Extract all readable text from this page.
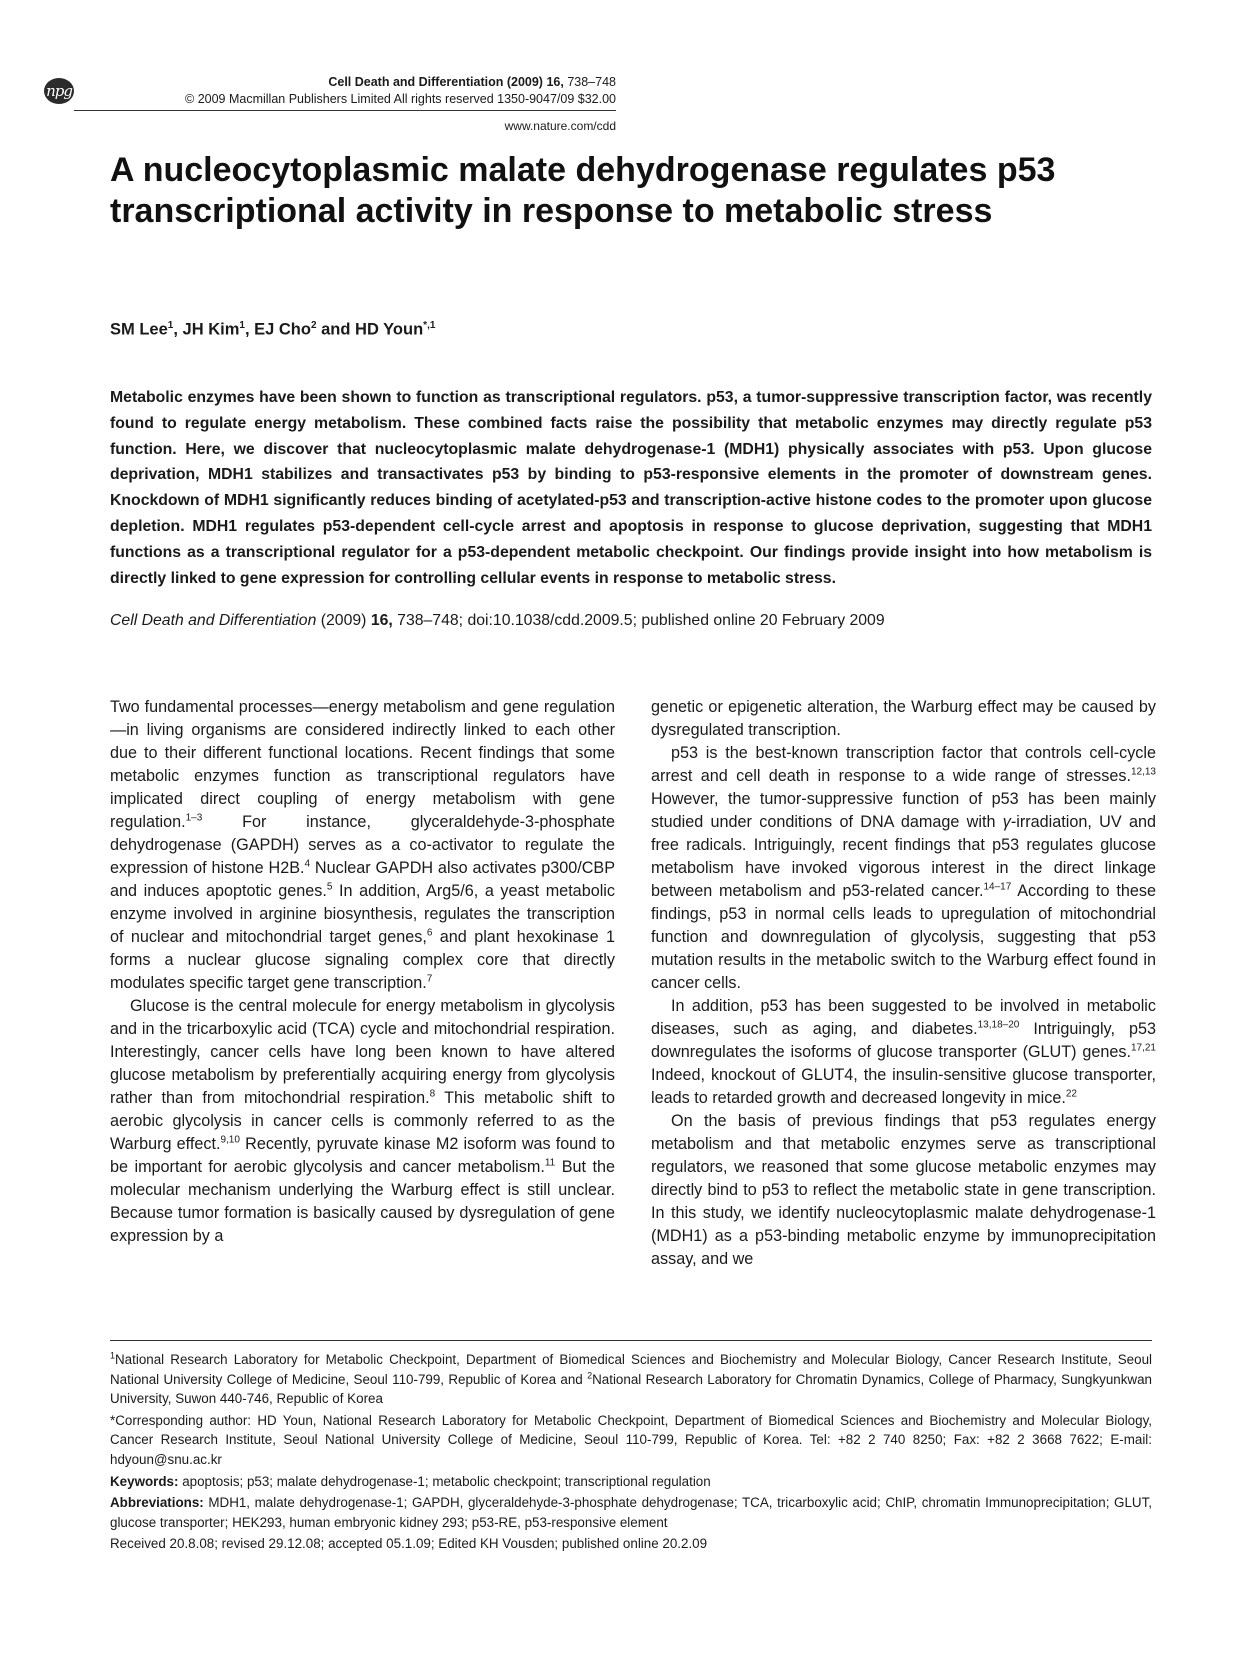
npg	Cell Death and Differentiation (2009) 16, 738–748
© 2009 Macmillan Publishers Limited All rights reserved 1350-9047/09 $32.00
www.nature.com/cdd
A nucleocytoplasmic malate dehydrogenase regulates p53 transcriptional activity in response to metabolic stress

SM Lee$^1$, JH Kim$^1$, EJ Cho$^2$ and HD Youn$^{*,1}$

Metabolic enzymes have been shown to function as transcriptional regulators. p53, a tumor-suppressive transcription factor, was recently found to regulate energy metabolism. These combined facts raise the possibility that metabolic enzymes may directly regulate p53 function. Here, we discover that nucleocytoplasmic malate dehydrogenase-1 (MDH1) physically associates with p53. Upon glucose deprivation, MDH1 stabilizes and transactivates p53 by binding to p53-responsive elements in the promoter of downstream genes. Knockdown of MDH1 significantly reduces binding of acetylated-p53 and transcription-active histone codes to the promoter upon glucose depletion. MDH1 regulates p53-dependent cell-cycle arrest and apoptosis in response to glucose deprivation, suggesting that MDH1 functions as a transcriptional regulator for a p53-dependent metabolic checkpoint. Our findings provide insight into how metabolism is directly linked to gene expression for controlling cellular events in response to metabolic stress.

Cell Death and Differentiation (2009) 16, 738–748; doi:10.1038/cdd.2009.5; published online 20 February 2009

Two fundamental processes—energy metabolism and gene regulation—in living organisms are considered indirectly linked to each other due to their different functional locations. Recent findings that some metabolic enzymes function as transcriptional regulators have implicated direct coupling of energy metabolism with gene regulation.$^{1-3}$ For instance, glyceraldehyde-3-phosphate dehydrogenase (GAPDH) serves as a co-activator to regulate the expression of histone H2B.$^4$ Nuclear GAPDH also activates p300/CBP and induces apoptotic genes.$^5$ In addition, Arg5/6, a yeast metabolic enzyme involved in arginine biosynthesis, regulates the transcription of nuclear and mitochondrial target genes,$^6$ and plant hexokinase 1 forms a nuclear glucose signaling complex core that directly modulates specific target gene transcription.$^7$

Glucose is the central molecule for energy metabolism in glycolysis and in the tricarboxylic acid (TCA) cycle and mitochondrial respiration. Interestingly, cancer cells have long been known to have altered glucose metabolism by preferentially acquiring energy from glycolysis rather than from mitochondrial respiration.$^8$ This metabolic shift to aerobic glycolysis in cancer cells is commonly referred to as the Warburg effect.$^{9,10}$ Recently, pyruvate kinase M2 isoform was found to be important for aerobic glycolysis and cancer metabolism.$^{11}$ But the molecular mechanism underlying the Warburg effect is still unclear. Because tumor formation is basically caused by dysregulation of gene expression by a

genetic or epigenetic alteration, the Warburg effect may be caused by dysregulated transcription.

p53 is the best-known transcription factor that controls cell-cycle arrest and cell death in response to a wide range of stresses.$^{12,13}$ However, the tumor-suppressive function of p53 has been mainly studied under conditions of DNA damage with γ-irradiation, UV and free radicals. Intriguingly, recent findings that p53 regulates glucose metabolism have invoked vigorous interest in the direct linkage between metabolism and p53-related cancer.$^{14-17}$ According to these findings, p53 in normal cells leads to upregulation of mitochondrial function and downregulation of glycolysis, suggesting that p53 mutation results in the metabolic switch to the Warburg effect found in cancer cells.

In addition, p53 has been suggested to be involved in metabolic diseases, such as aging, and diabetes.$^{13,18-20}$ Intriguingly, p53 downregulates the isoforms of glucose transporter (GLUT) genes.$^{17,21}$ Indeed, knockout of GLUT4, the insulin-sensitive glucose transporter, leads to retarded growth and decreased longevity in mice.$^{22}$

On the basis of previous findings that p53 regulates energy metabolism and that metabolic enzymes serve as transcriptional regulators, we reasoned that some glucose metabolic enzymes may directly bind to p53 to reflect the metabolic state in gene transcription. In this study, we identify nucleocytoplasmic malate dehydrogenase-1 (MDH1) as a p53-binding metabolic enzyme by immunoprecipitation assay, and we

$^1$National Research Laboratory for Metabolic Checkpoint, Department of Biomedical Sciences and Biochemistry and Molecular Biology, Cancer Research Institute, Seoul National University College of Medicine, Seoul 110-799, Republic of Korea and $^2$National Research Laboratory for Chromatin Dynamics, College of Pharmacy, Sungkyunkwan University, Suwon 440-746, Republic of Korea

*Corresponding author: HD Youn, National Research Laboratory for Metabolic Checkpoint, Department of Biomedical Sciences and Biochemistry and Molecular Biology, Cancer Research Institute, Seoul National University College of Medicine, Seoul 110-799, Republic of Korea. Tel: +82 2 740 8250; Fax: +82 2 3668 7622; E-mail: hdyoun@snu.ac.kr

Keywords: apoptosis; p53; malate dehydrogenase-1; metabolic checkpoint; transcriptional regulation

Abbreviations: MDH1, malate dehydrogenase-1; GAPDH, glyceraldehyde-3-phosphate dehydrogenase; TCA, tricarboxylic acid; ChIP, chromatin Immunoprecipitation; GLUT, glucose transporter; HEK293, human embryonic kidney 293; p53-RE, p53-responsive element

Received 20.8.08; revised 29.12.08; accepted 05.1.09; Edited KH Vousden; published online 20.2.09
